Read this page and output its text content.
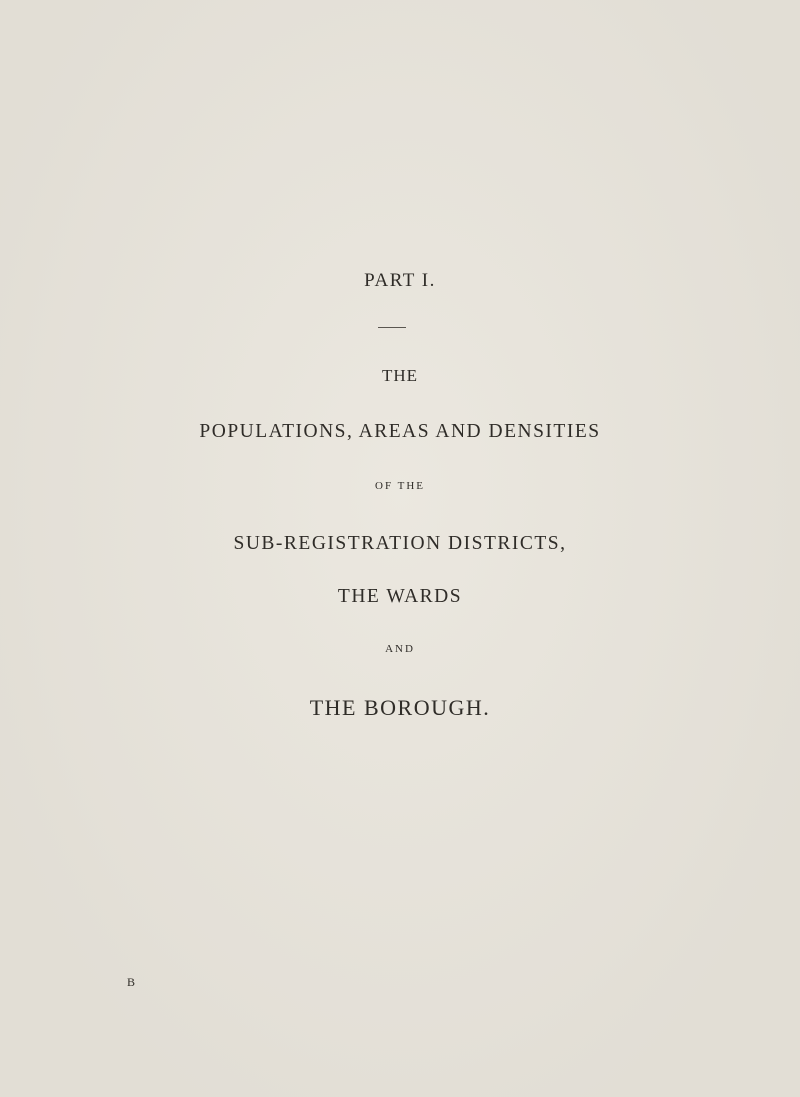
PART I.
THE
POPULATIONS, AREAS AND DENSITIES
OF THE
SUB-REGISTRATION DISTRICTS,
THE WARDS
AND
THE BOROUGH.
B
